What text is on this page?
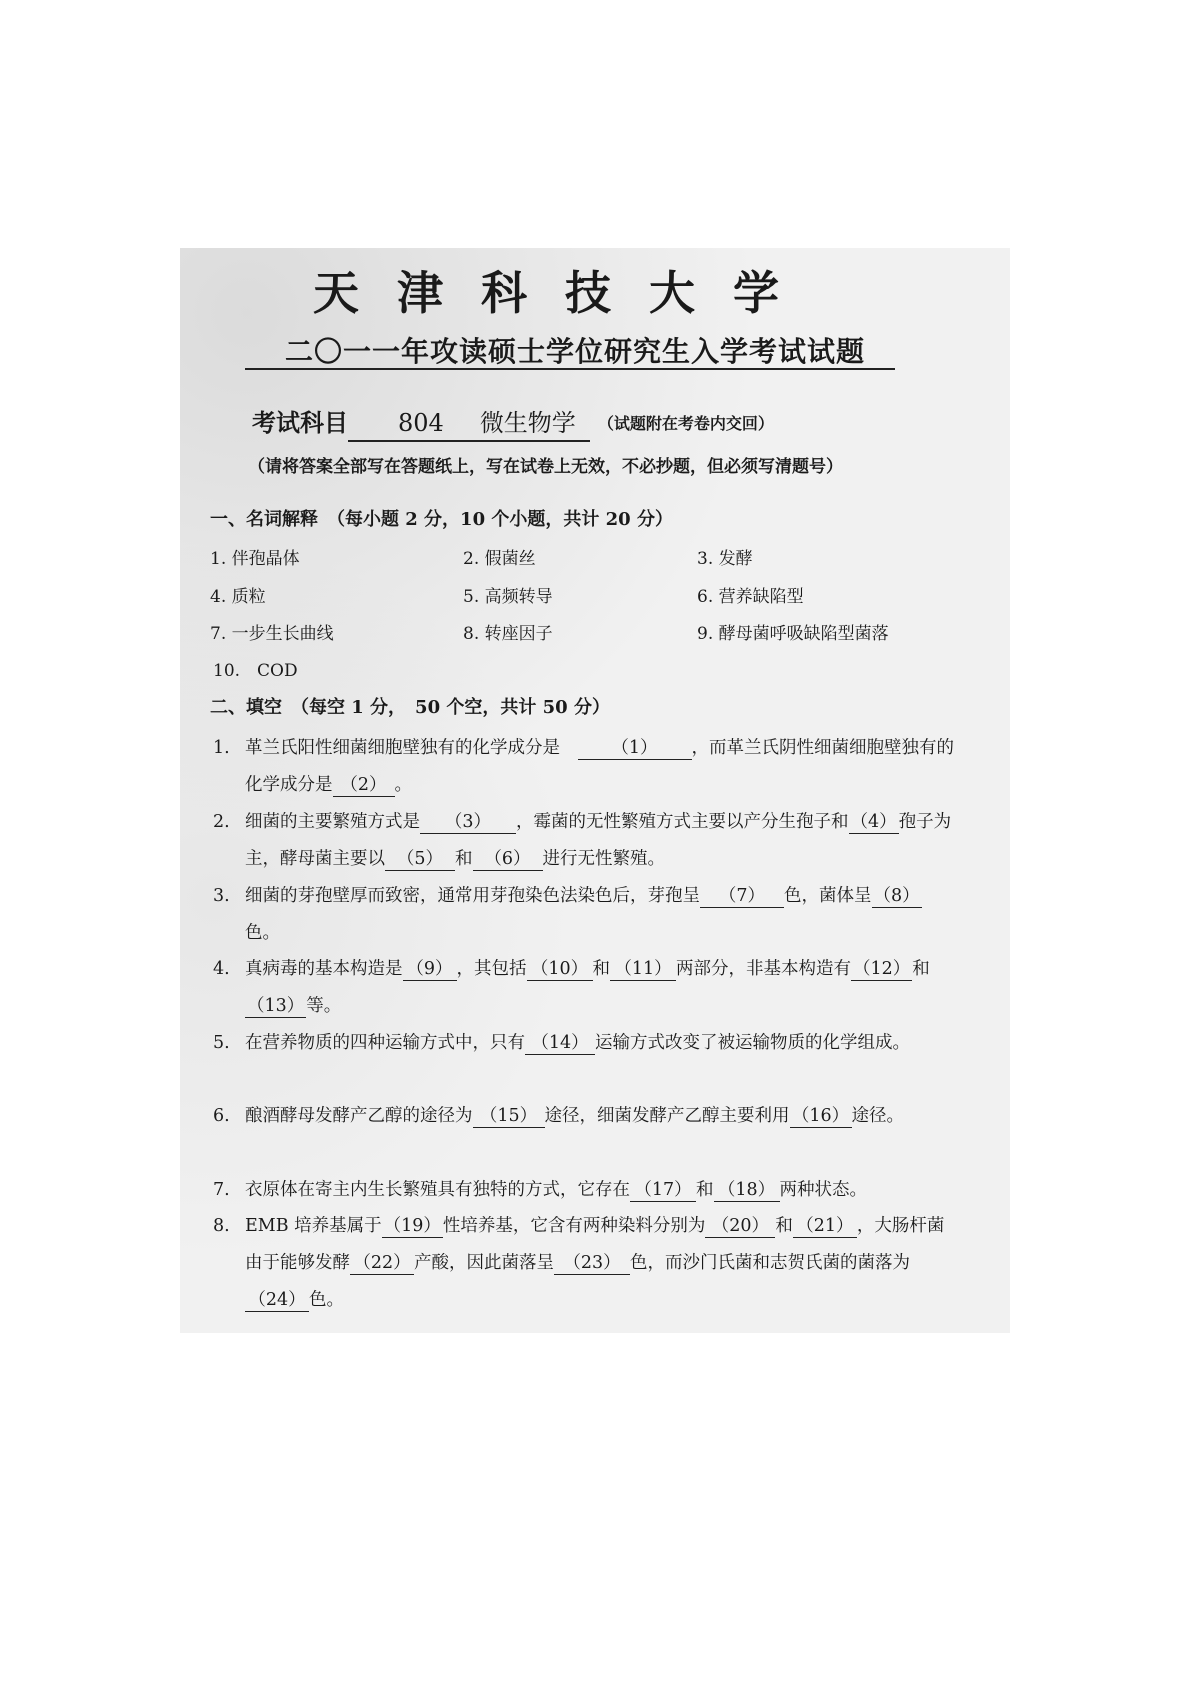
天津科技大学
二〇一一年攻读硕士学位研究生入学考试试题
考试科目 804 微生物学 （试题附在考卷内交回）
（请将答案全部写在答题纸上，写在试卷上无效，不必抄题，但必须写清题号）
一、名词解释　（每小题 2 分，10 个小题，共计 20 分）
1. 伴孢晶体	2. 假菌丝	3. 发酵
4. 质粒	5. 高频转导	6. 营养缺陷型
7. 一步生长曲线	8. 转座因子	9. 酵母菌呼吸缺陷型菌落
10.　COD
二、填空　（每空 1 分，　50 个空，共计 50 分）
1. 革兰氏阳性细菌细胞壁独有的化学成分是　（1） ，而革兰氏阴性细菌细胞壁独有的化学成分是 （2） 。
2. 细菌的主要繁殖方式是 （3） ，霉菌的无性繁殖方式主要以产分生孢子和 （4） 孢子为主，酵母菌主要以 （5） 和 （6） 进行无性繁殖。
3. 细菌的芽孢壁厚而致密，通常用芽孢染色法染色后，芽孢呈 （7） 色，菌体呈 （8）色。
4. 真病毒的基本构造是 （9） ，其包括 （10） 和 （11） 两部分，非基本构造有 （12） 和（13） 等。
5. 在营养物质的四种运输方式中，只有 （14） 运输方式改变了被运输物质的化学组成。
6. 酿酒酵母发酵产乙醇的途径为 （15） 途径，细菌发酵产乙醇主要利用 （16） 途径。
7. 衣原体在寄主内生长繁殖具有独特的方式，它存在 （17） 和 （18） 两种状态。
8. EMB 培养基属于 （19） 性培养基，它含有两种染料分别为 （20） 和 （21） ，大肠杆菌由于能够发酵 （22） 产酸，因此菌落呈 （23） 色，而沙门氏菌和志贺氏菌的菌落为（24） 色。
